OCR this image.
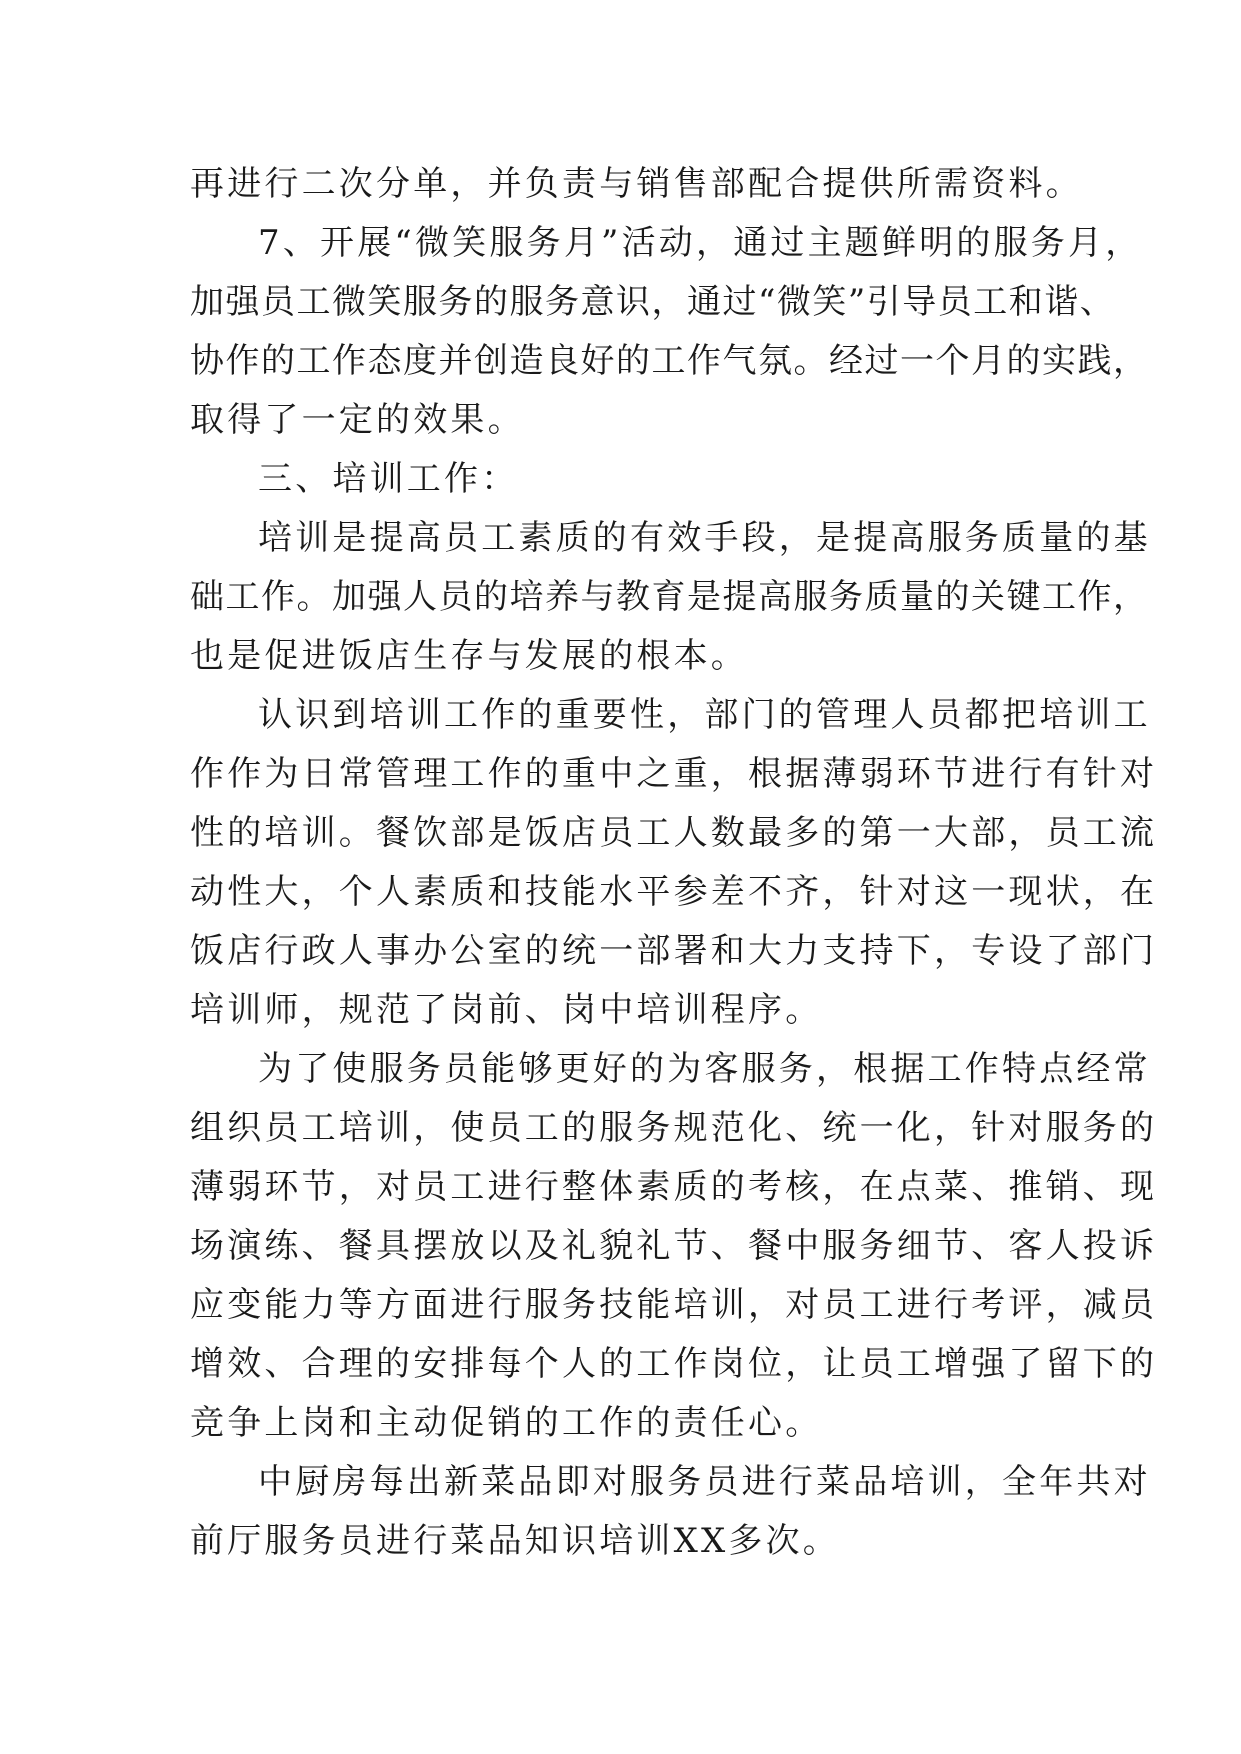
再进行二次分单，并负责与销售部配合提供所需资料。
7、开展“微笑服务月”活动，通过主题鲜明的服务月，
加强员工微笑服务的服务意识，通过“微笑”引导员工和谐、
协作的工作态度并创造良好的工作气氛。经过一个月的实践，
取得了一定的效果。
三、培训工作：
培训是提高员工素质的有效手段，是提高服务质量的基
础工作。加强人员的培养与教育是提高服务质量的关键工作，
也是促进饭店生存与发展的根本。
认识到培训工作的重要性，部门的管理人员都把培训工
作作为日常管理工作的重中之重，根据薄弱环节进行有针对
性的培训。餐饮部是饭店员工人数最多的第一大部，员工流
动性大，个人素质和技能水平参差不齐，针对这一现状，在
饭店行政人事办公室的统一部署和大力支持下，专设了部门
培训师，规范了岗前、岗中培训程序。
为了使服务员能够更好的为客服务，根据工作特点经常
组织员工培训，使员工的服务规范化、统一化，针对服务的
薄弱环节，对员工进行整体素质的考核，在点菜、推销、现
场演练、餐具摆放以及礼貌礼节、餐中服务细节、客人投诉
应变能力等方面进行服务技能培训，对员工进行考评，减员
增效、合理的安排每个人的工作岗位，让员工增强了留下的
竞争上岗和主动促销的工作的责任心。
中厨房每出新菜品即对服务员进行菜品培训，全年共对
前厅服务员进行菜品知识培训XX多次。
